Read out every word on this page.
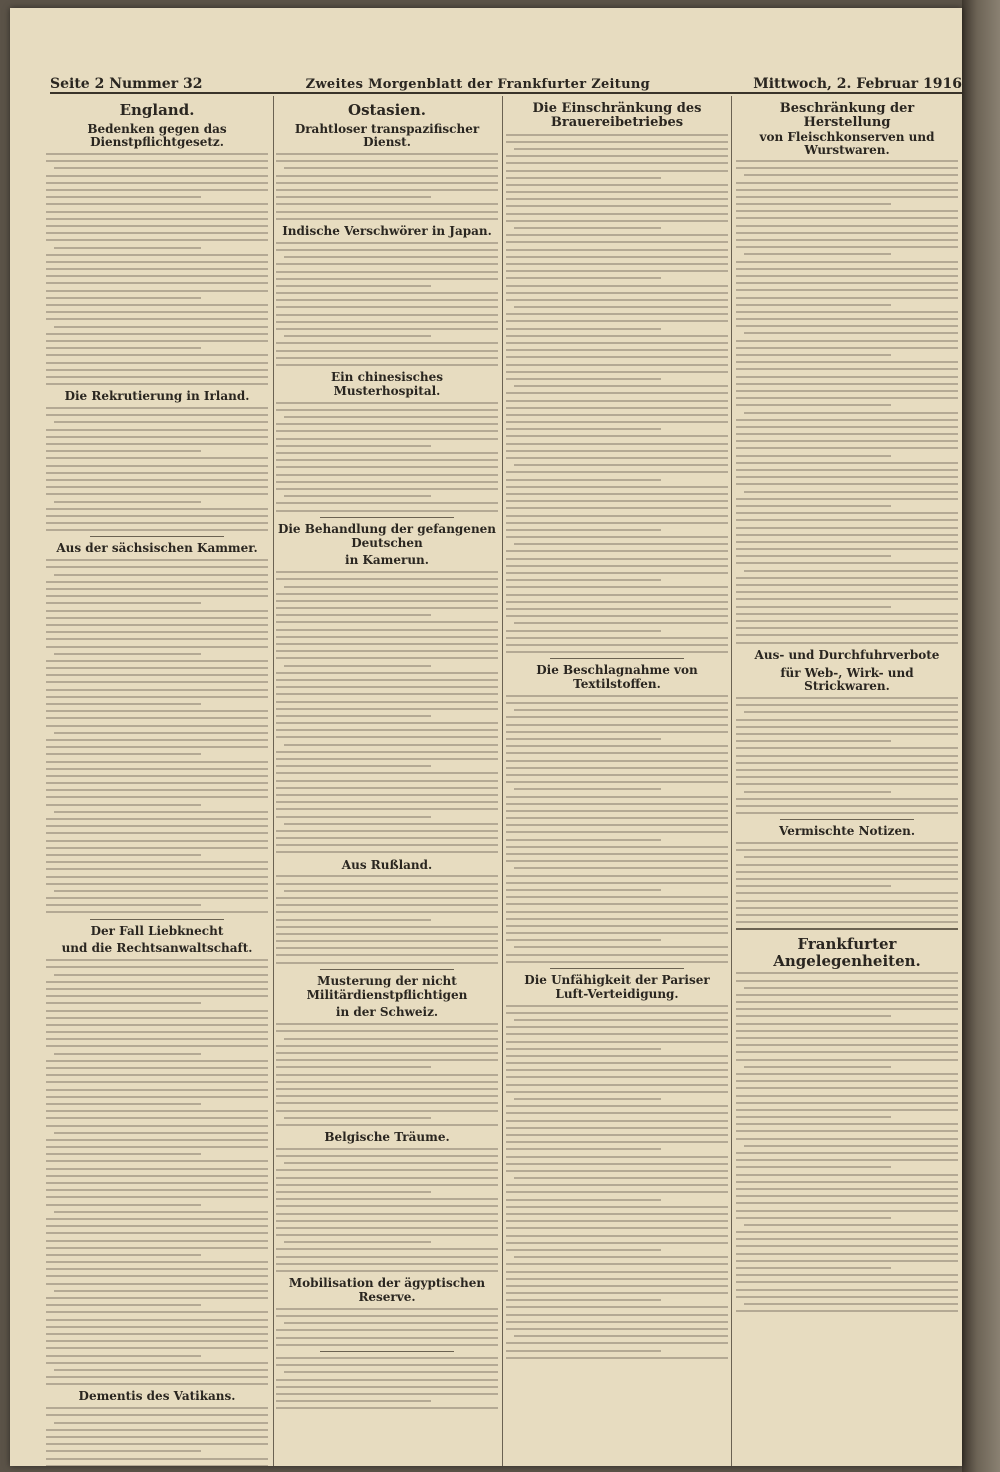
Seite 2 Nummer 32	Zweites Morgenblatt der Frankfurter Zeitung	Mittwoch, 2. Februar 1916
England.
Bedenken gegen das Dienstpflichtgesetz.
Die Rekrutierung in Irland.
Aus der sächsischen Kammer.
Der Fall Liebknecht
und die Rechtsanwaltschaft.
Dementis des Vatikans.
Ostasien.
Drahtloser transpazifischer Dienst.
Indische Verschwörer in Japan.
Ein chinesisches Musterhospital.
Die Behandlung der gefangenen Deutschen
in Kamerun.
Aus Rußland.
Musterung der nicht Militärdienstpflichtigen
in der Schweiz.
Belgische Träume.
Mobilisation der ägyptischen Reserve.
Die Einschränkung des Brauereibetriebes
Die Beschlagnahme von Textilstoffen.
Die Unfähigkeit der Pariser Luft-Verteidigung.
Beschränkung der Herstellung
von Fleischkonserven und Wurstwaren.
Aus- und Durchfuhrverbote
für Web-, Wirk- und Strickwaren.
Vermischte Notizen.
Frankfurter Angelegenheiten.
